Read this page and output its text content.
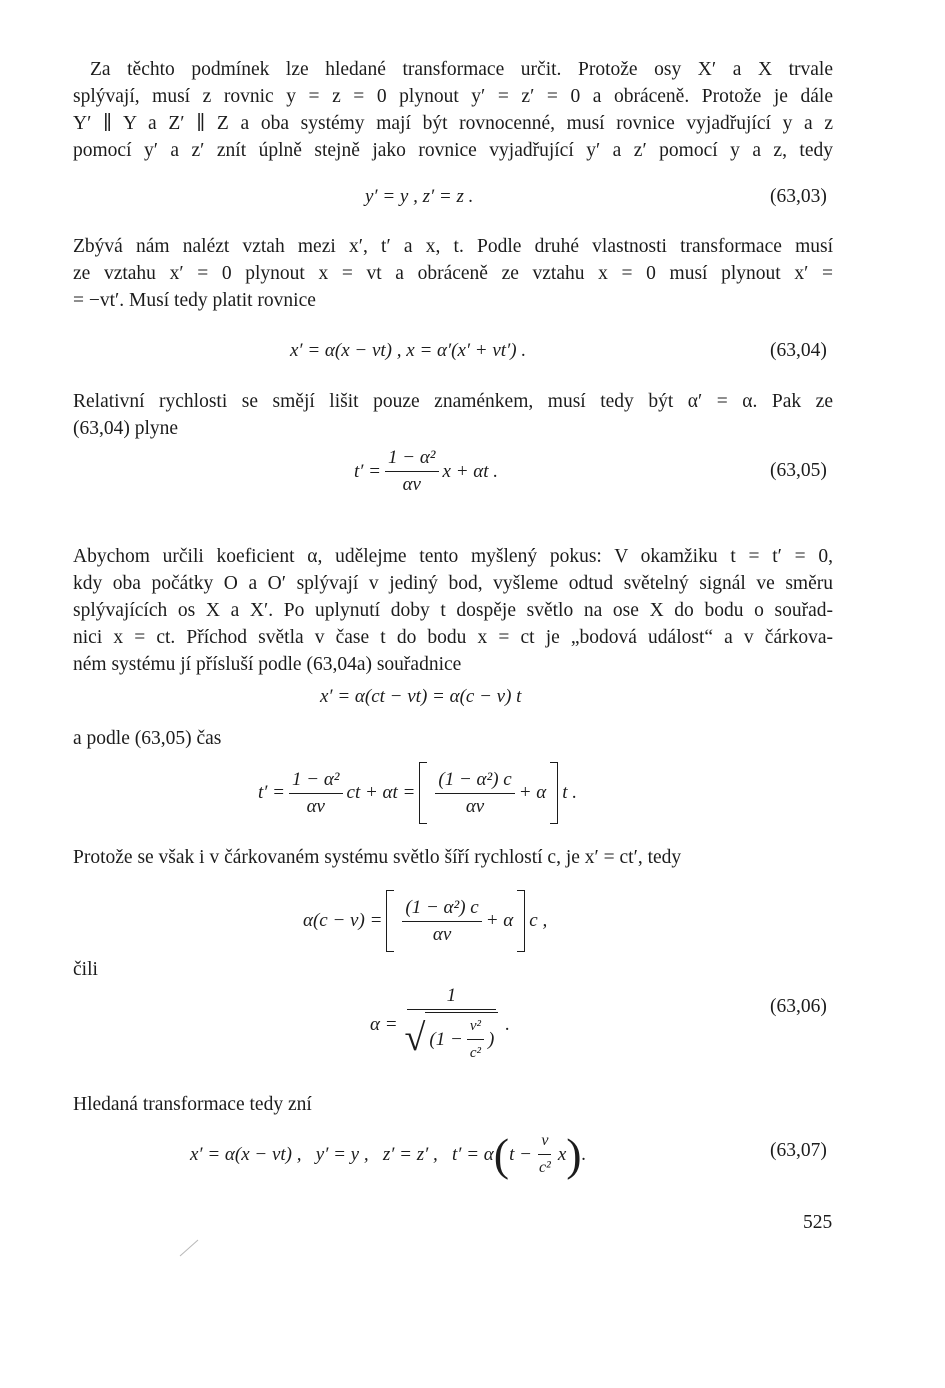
Za těchto podmínek lze hledané transformace určit. Protože osy X′ a X trvale

splývají, musí z rovnic y = z = 0 plynout y′ = z′ = 0 a obráceně. Protože je dále

Y′ ∥ Y a Z′ ∥ Z a oba systémy mají být rovnocenné, musí rovnice vyjadřující y a z

pomocí y′ a z′ znít úplně stejně jako rovnice vyjadřující y′ a z′ pomocí y a z, tedy

y′ = y , z′ = z .	(63,03)

Zbývá nám nalézt vztah mezi x′, t′ a x, t. Podle druhé vlastnosti transformace musí

ze vztahu x′ = 0 plynout x = vt a obráceně ze vztahu x = 0 musí plynout x′ =

= −vt′. Musí tedy platit rovnice

x′ = α(x − vt) , x = α′(x′ + vt′) .	(63,04)

Relativní rychlosti se smějí lišit pouze znaménkem, musí tedy být α′ = α. Pak ze

(63,04) plyne

$t' = \frac{\text{1 − α²}}{\alpha v}$ x + αt .	(63,05)

Abychom určili koeficient α, udělejme tento myšlený pokus: V okamžiku t = t′ = 0,

kdy oba počátky O a O′ splývají v jediný bod, vyšleme odtud světelný signál ve směru

splývajících os X a X′. Po uplynutí doby t dospěje světlo na ose X do bodu o souřad-

nici x = ct. Příchod světla v čase t do bodu x = ct je „bodová událost“ a v čárkova-

ném systému jí přísluší podle (63,04a) souřadnice

x′ = α(ct − vt) = α(c − v) t

a podle (63,05) čas

$t' = \frac{\text{1 − α²}}{\alpha v}$ ct + $\alpha t = \frac{\text{(1 − α²) c}}{\alpha v} + \alpha$ t .

Protože se však i v čárkovaném systému světlo šíří rychlostí c, je x′ = ct′, tedy

$\alpha(c - v) = \frac{\text{(1 − α²) c}}{\alpha v} + \alpha$ c ,

čili

α =
1
√ ($1 - \frac{\text{v²}}{\text{c²}}$ )
.
(63,06)

Hledaná transformace tedy zní

x′ = α(x − vt) ,   y′ = y ,   z′ = z′ ,   t′ = α ( $t - \frac{v}{\text{c²}}$ x ) .	(63,07)
525
